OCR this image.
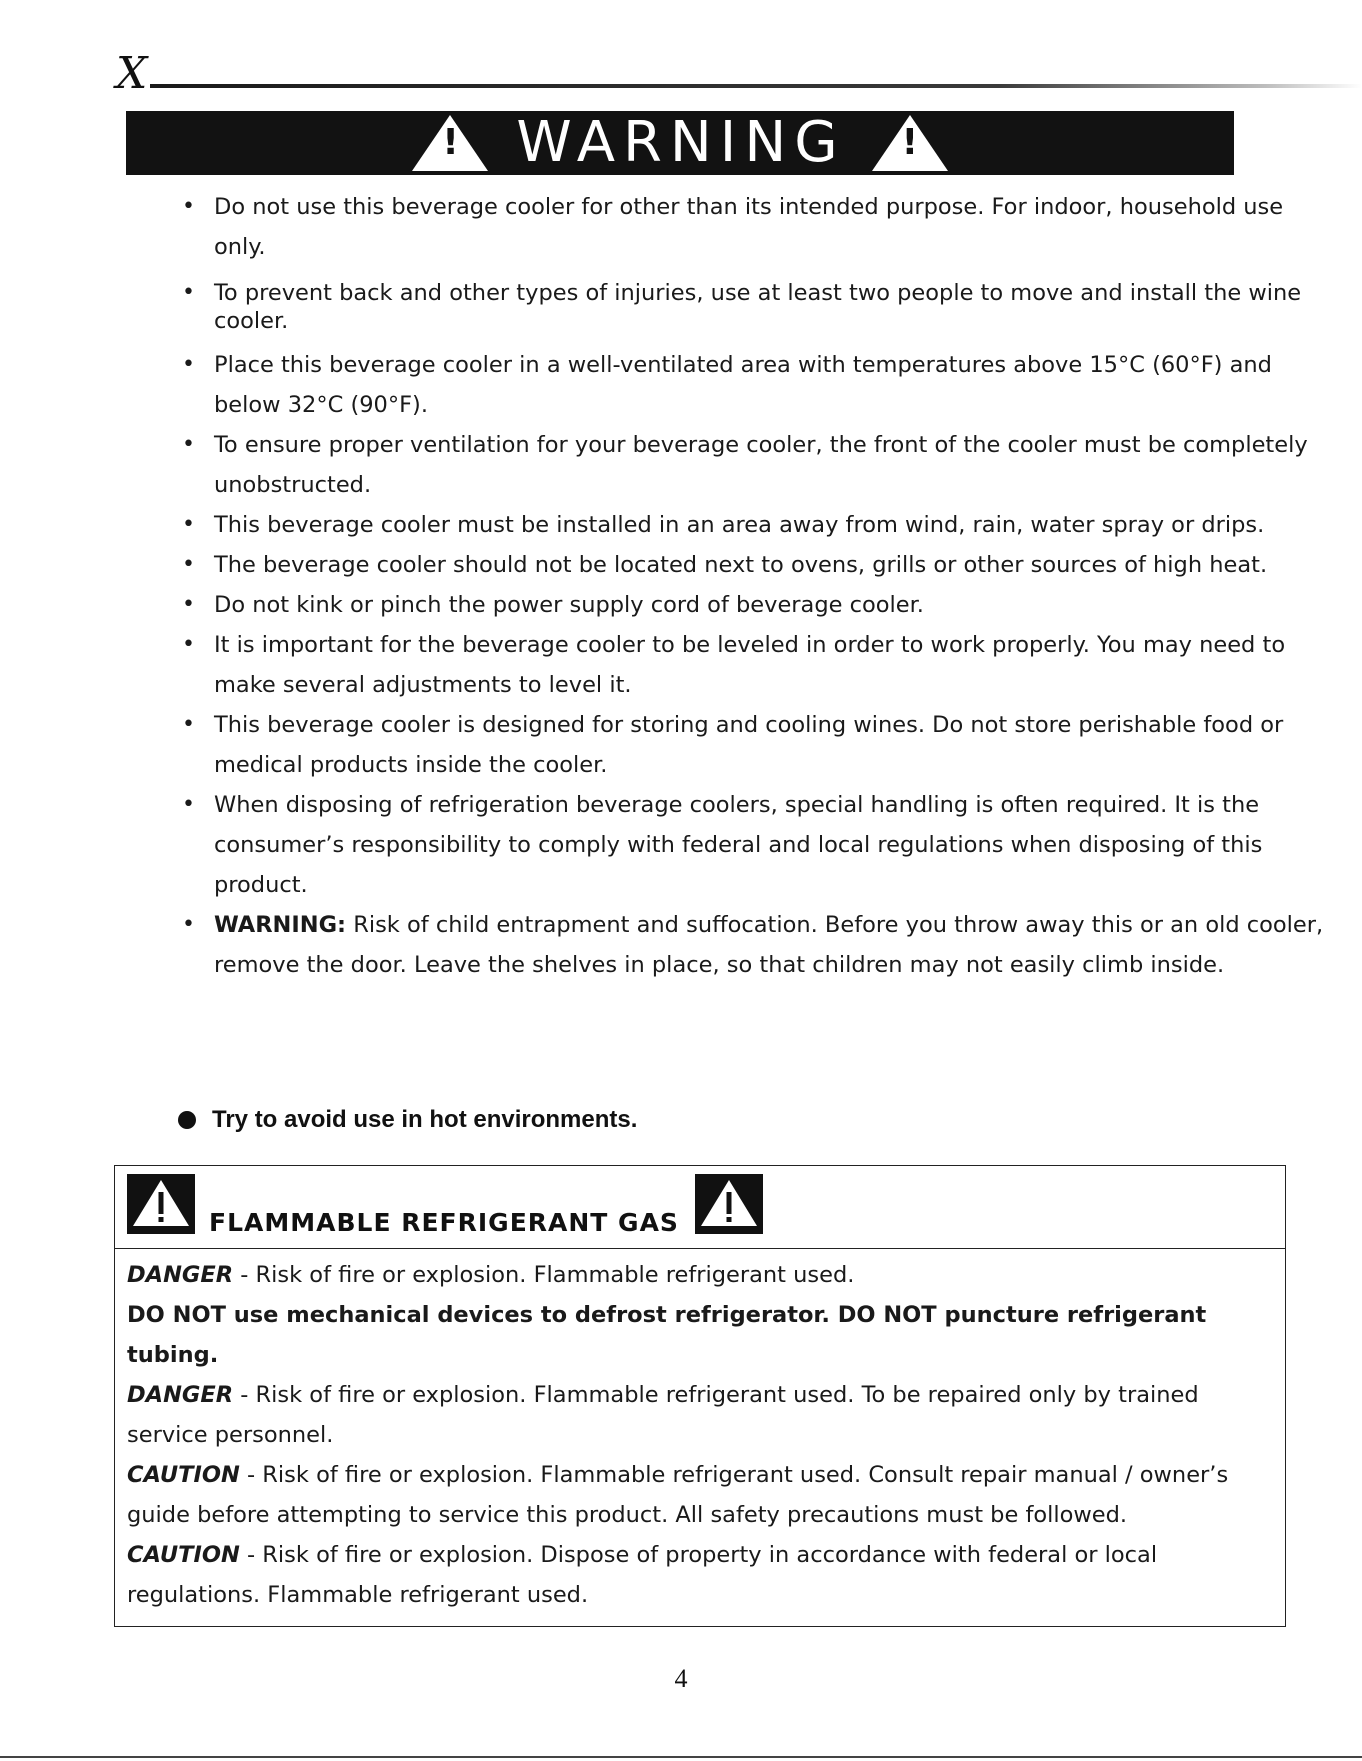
X
! WARNING !
• Do not use this beverage cooler for other than its intended purpose. For indoor, household use only.
• To prevent back and other types of injuries, use at least two people to move and install the wine cooler.
• Place this beverage cooler in a well-ventilated area with temperatures above 15°C (60°F) and below 32°C (90°F).
• To ensure proper ventilation for your beverage cooler, the front of the cooler must be completely unobstructed.
• This beverage cooler must be installed in an area away from wind, rain, water spray or drips.
• The beverage cooler should not be located next to ovens, grills or other sources of high heat.
• Do not kink or pinch the power supply cord of beverage cooler.
• It is important for the beverage cooler to be leveled in order to work properly. You may need to make several adjustments to level it.
• This beverage cooler is designed for storing and cooling wines. Do not store perishable food or medical products inside the cooler.
• When disposing of refrigeration beverage coolers, special handling is often required. It is the consumer’s responsibility to comply with federal and local regulations when disposing of this product.
• WARNING: Risk of child entrapment and suffocation. Before you throw away this or an old cooler, remove the door. Leave the shelves in place, so that children may not easily climb inside.
Try to avoid use in hot environments.
FLAMMABLE REFRIGERANT GAS

DANGER - Risk of fire or explosion. Flammable refrigerant used.

DO NOT use mechanical devices to defrost refrigerator. DO NOT puncture refrigerant tubing.

DANGER - Risk of fire or explosion. Flammable refrigerant used. To be repaired only by trained service personnel.

CAUTION - Risk of fire or explosion. Flammable refrigerant used. Consult repair manual / owner’s guide before attempting to service this product. All safety precautions must be followed.

CAUTION - Risk of fire or explosion. Dispose of property in accordance with federal or local regulations. Flammable refrigerant used.

4
